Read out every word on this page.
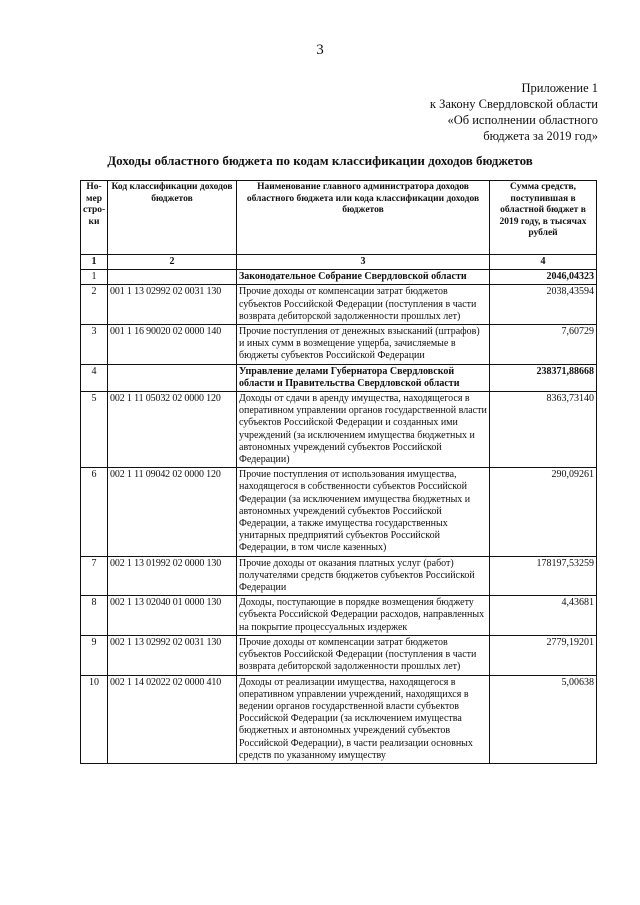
3
Приложение 1
к Закону Свердловской области
«Об исполнении областного
бюджета за 2019 год»
Доходы областного бюджета по кодам классификации доходов бюджетов
Но-мер стро-ки	Код классификации доходов бюджетов	Наименование главного администратора доходов областного бюджета или кода классификации доходов бюджетов	Сумма средств, поступившая в областной бюджет в 2019 году, в тысячах рублей
1	2	3	4
1		Законодательное Собрание Свердловской области	2046,04323
2	001 1 13 02992 02 0031 130	Прочие доходы от компенсации затрат бюджетов субъектов Российской Федерации (поступления в части возврата дебиторской задолженности прошлых лет)	2038,43594
3	001 1 16 90020 02 0000 140	Прочие поступления от денежных взысканий (штрафов) и иных сумм в возмещение ущерба, зачисляемые в бюджеты субъектов Российской Федерации	7,60729
4		Управление делами Губернатора Свердловской области и Правительства Свердловской области	238371,88668
5	002 1 11 05032 02 0000 120	Доходы от сдачи в аренду имущества, находящегося в оперативном управлении органов государственной власти субъектов Российской Федерации и созданных ими учреждений (за исключением имущества бюджетных и автономных учреждений субъектов Российской Федерации)	8363,73140
6	002 1 11 09042 02 0000 120	Прочие поступления от использования имущества, находящегося в собственности субъектов Российской Федерации (за исключением имущества бюджетных и автономных учреждений субъектов Российской Федерации, а также имущества государственных унитарных предприятий субъектов Российской Федерации, в том числе казенных)	290,09261
7	002 1 13 01992 02 0000 130	Прочие доходы от оказания платных услуг (работ) получателями средств бюджетов субъектов Российской Федерации	178197,53259
8	002 1 13 02040 01 0000 130	Доходы, поступающие в порядке возмещения бюджету субъекта Российской Федерации расходов, направленных на покрытие процессуальных издержек	4,43681
9	002 1 13 02992 02 0031 130	Прочие доходы от компенсации затрат бюджетов субъектов Российской Федерации (поступления в части возврата дебиторской задолженности прошлых лет)	2779,19201
10	002 1 14 02022 02 0000 410	Доходы от реализации имущества, находящегося в оперативном управлении учреждений, находящихся в ведении органов государственной власти субъектов Российской Федерации (за исключением имущества бюджетных и автономных учреждений субъектов Российской Федерации), в части реализации основных средств по указанному имуществу	5,00638
